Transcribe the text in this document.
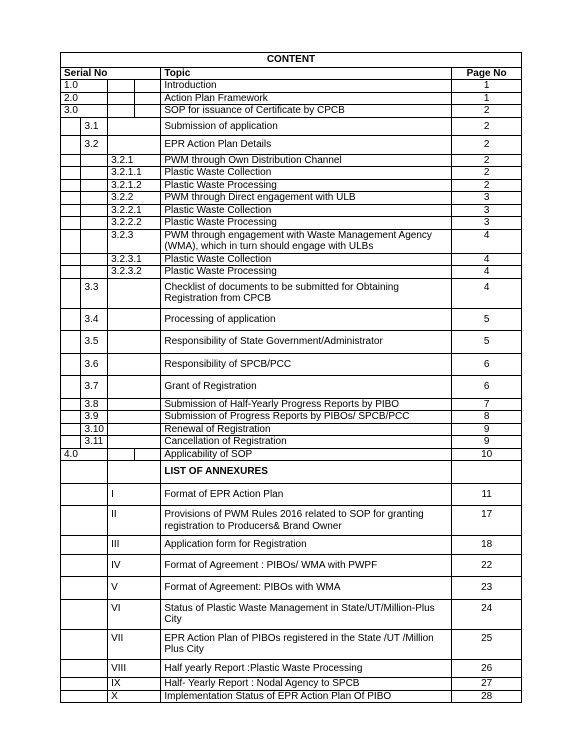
CONTENT					
Serial No				Topic	Page No
1.0				Introduction	1
2.0				Action Plan Framework	1
3.0				SOP for issuance of Certificate by CPCB	2
	3.1			Submission of application	2
	3.2			EPR Action Plan Details	2
		3.2.1		PWM through Own Distribution Channel	2
		3.2.1.1		Plastic Waste Collection	2
		3.2.1.2		Plastic Waste Processing	2
		3.2.2		PWM through Direct engagement with ULB	3
		3.2.2.1		Plastic Waste Collection	3
		3.2.2.2		Plastic Waste Processing	3
		3.2.3		PWM through engagement with Waste Management Agency (WMA), which in turn should engage with ULBs	4
		3.2.3.1		Plastic Waste Collection	4
		3.2.3.2		Plastic Waste Processing	4
	3.3			Checklist of documents to be submitted for Obtaining Registration from CPCB	4
	3.4			Processing of application	5
	3.5			Responsibility of State Government/Administrator	5
	3.6			Responsibility of SPCB/PCC	6
	3.7			Grant of Registration	6
	3.8			Submission of Half-Yearly Progress Reports by PIBO	7
	3.9			Submission of Progress Reports by PIBOs/ SPCB/PCC	8
	3.10			Renewal of Registration	9
	3.11			Cancellation of Registration	9
4.0				Applicability of SOP	10
				LIST OF ANNEXURES	
		I		Format of EPR Action Plan	11
		II		Provisions of PWM Rules 2016 related to SOP for granting registration to Producers& Brand Owner	17
		III		Application form for Registration	18
		IV		Format of Agreement : PIBOs/ WMA with PWPF	22
		V		Format of Agreement: PIBOs with WMA	23
		VI		Status of Plastic Waste Management in State/UT/Million-Plus City	24
		VII		EPR Action Plan of PIBOs registered in the State /UT /Million Plus City	25
		VIII		Half yearly Report :Plastic Waste Processing	26
		IX		Half- Yearly Report : Nodal Agency to SPCB	27
		X		Implementation Status of EPR Action Plan Of PIBO	28
